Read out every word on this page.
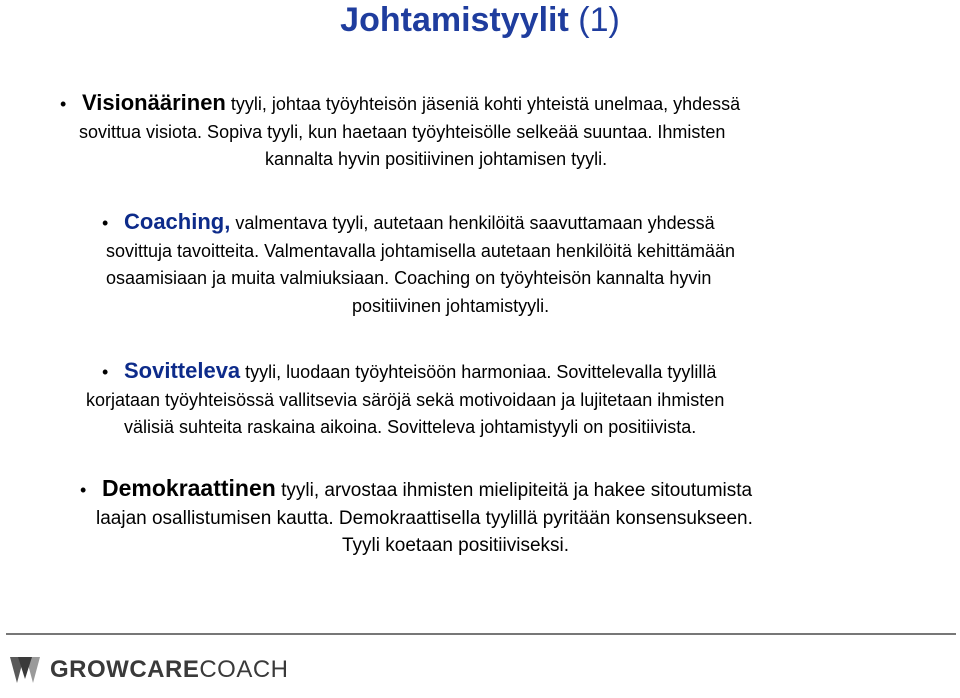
Johtamistyylit (1)
• Visionäärinen tyyli, johtaa työyhteisön jäseniä kohti yhteistä unelmaa, yhdessä
sovittua visiota. Sopiva tyyli, kun haetaan työyhteisölle selkeää suuntaa. Ihmisten
kannalta hyvin positiivinen johtamisen tyyli.
• Coaching, valmentava tyyli, autetaan henkilöitä saavuttamaan yhdessä
sovittuja tavoitteita. Valmentavalla johtamisella autetaan henkilöitä kehittämään
osaamisiaan ja muita valmiuksiaan. Coaching on työyhteisön kannalta hyvin
positiivinen johtamistyyli.
• Sovitteleva tyyli, luodaan työyhteisöön harmoniaa. Sovittelevalla tyylillä
korjataan työyhteisössä vallitsevia säröjä sekä motivoidaan ja lujitetaan ihmisten
välisiä suhteita raskaina aikoina. Sovitteleva johtamistyyli on positiivista.
• Demokraattinen tyyli, arvostaa ihmisten mielipiteitä ja hakee sitoutumista
laajan osallistumisen kautta. Demokraattisella tyylillä pyritään konsensukseen.
Tyyli koetaan positiiviseksi.
GROWCARECOACH
